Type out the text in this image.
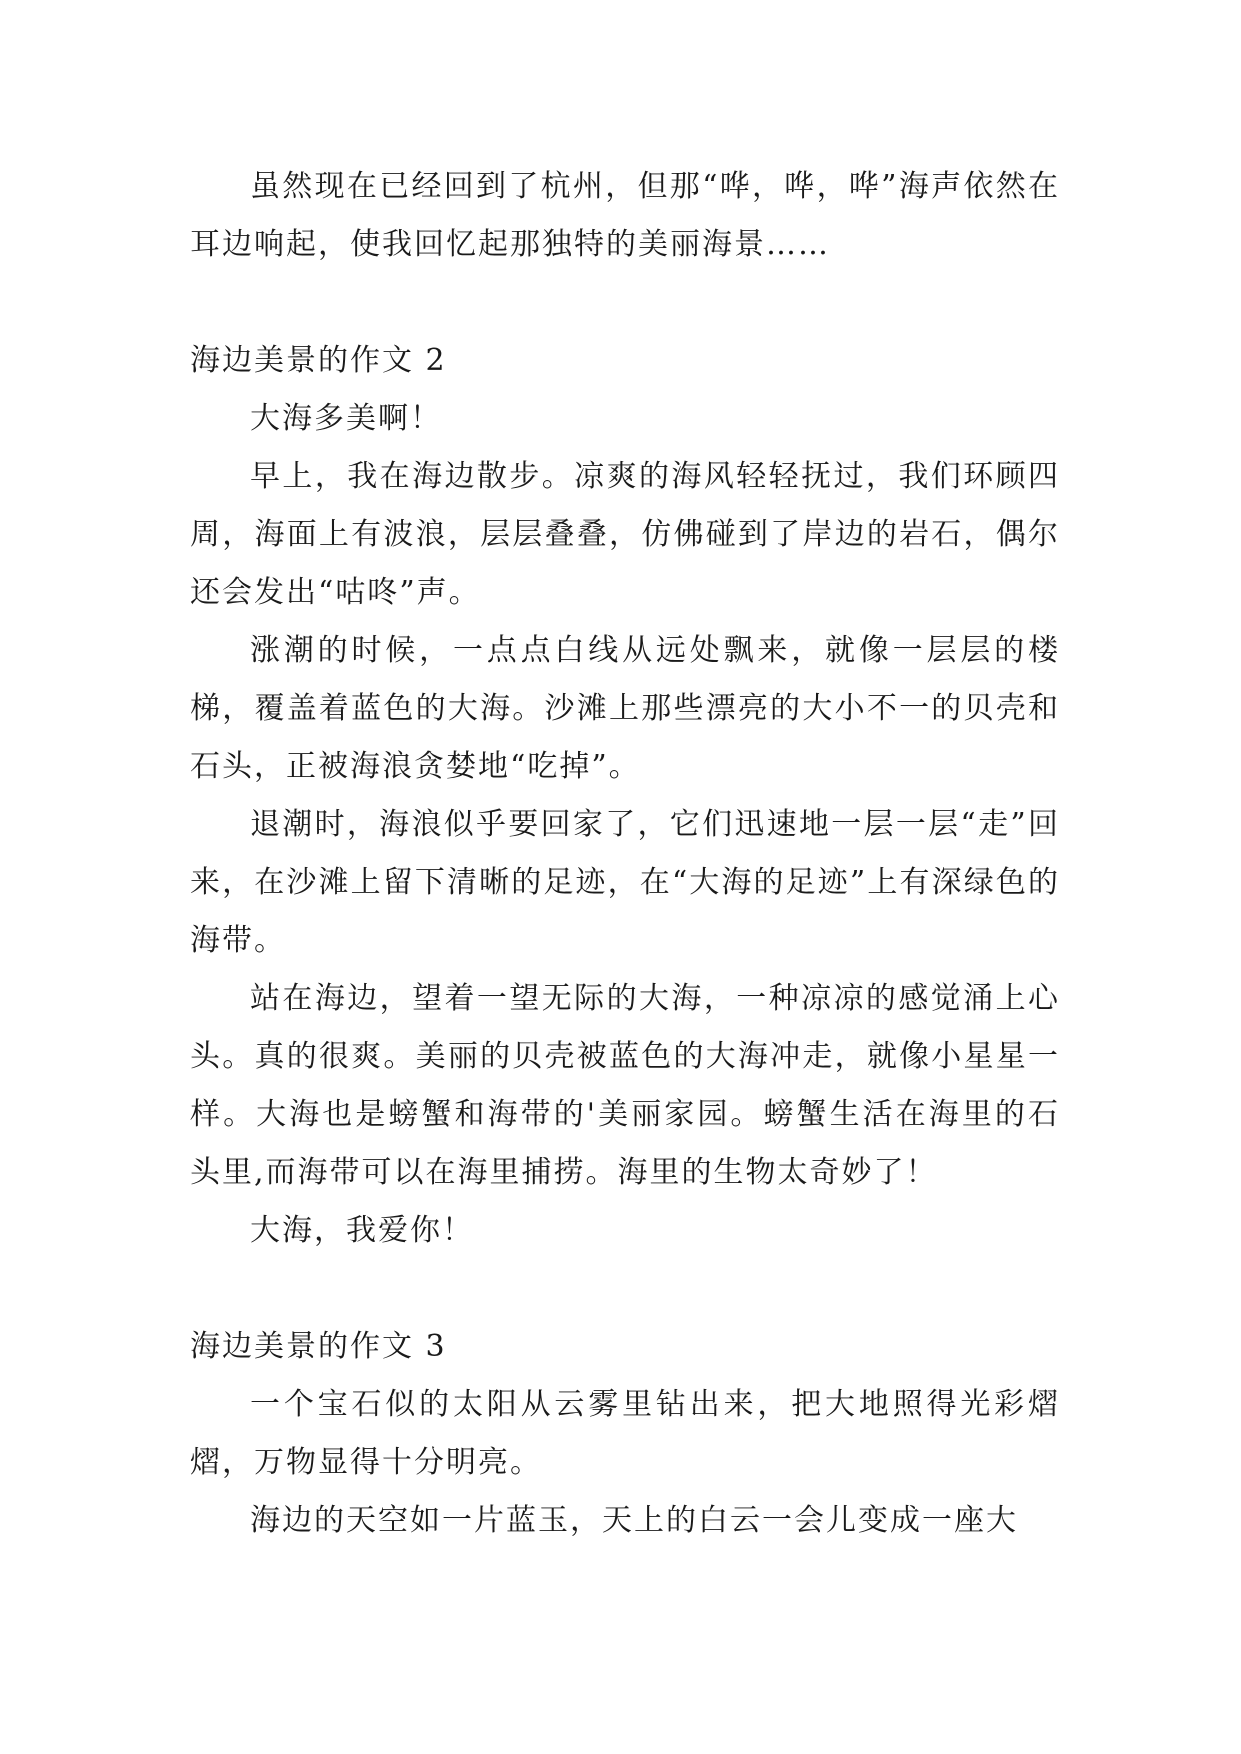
虽然现在已经回到了杭州，但那“哗，哗，哗”海声依然在耳边响起，使我回忆起那独特的美丽海景……

海边美景的作文 2

大海多美啊！

早上，我在海边散步。凉爽的海风轻轻抚过，我们环顾四周，海面上有波浪，层层叠叠，仿佛碰到了岸边的岩石，偶尔还会发出“咕咚”声。

涨潮的时候，一点点白线从远处飘来，就像一层层的楼梯，覆盖着蓝色的大海。沙滩上那些漂亮的大小不一的贝壳和石头，正被海浪贪婪地“吃掉”。

退潮时，海浪似乎要回家了，它们迅速地一层一层“走”回来，在沙滩上留下清晰的足迹，在“大海的足迹”上有深绿色的海带。

站在海边，望着一望无际的大海，一种凉凉的感觉涌上心头。真的很爽。美丽的贝壳被蓝色的大海冲走，就像小星星一样。大海也是螃蟹和海带的'美丽家园。螃蟹生活在海里的石头里,而海带可以在海里捕捞。海里的生物太奇妙了！

大海，我爱你！

海边美景的作文 3

一个宝石似的太阳从云雾里钻出来，把大地照得光彩熠熠，万物显得十分明亮。

海边的天空如一片蓝玉，天上的白云一会儿变成一座大
